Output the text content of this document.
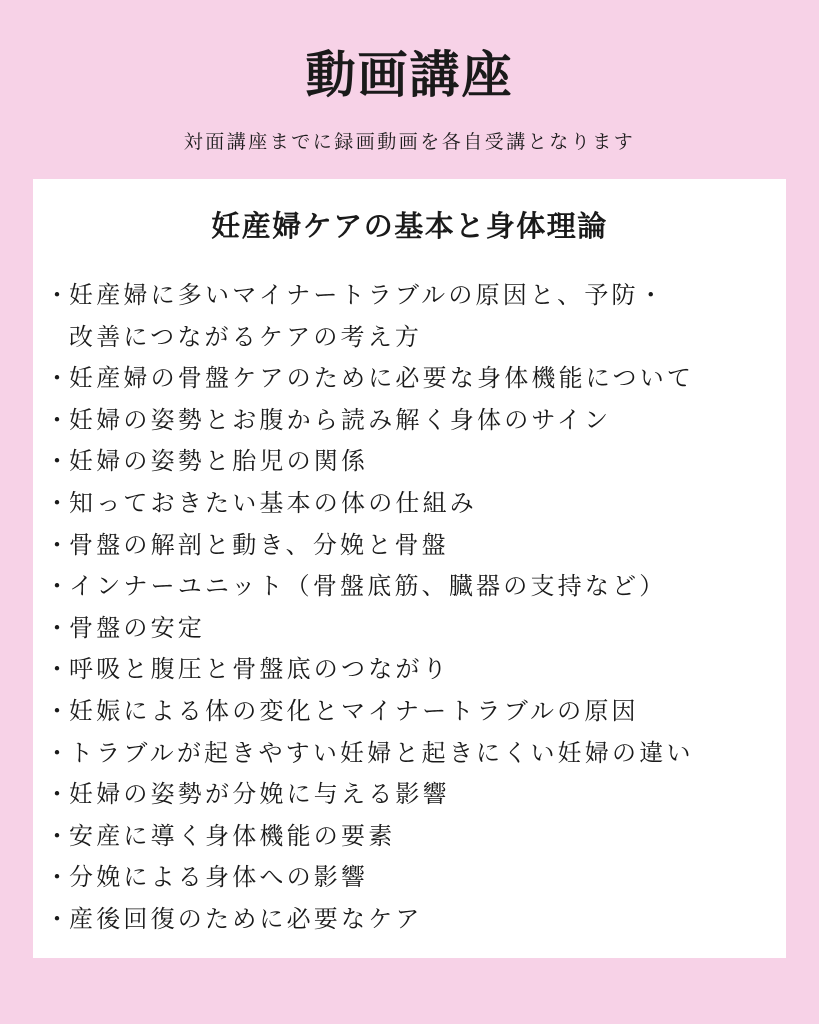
動画講座
対面講座までに録画動画を各自受講となります
妊産婦ケアの基本と身体理論
・
妊産婦に多いマイナートラブルの原因と、予防・
改善につながるケアの考え方
・
妊産婦の骨盤ケアのために必要な身体機能について
・
妊婦の姿勢とお腹から読み解く身体のサイン
・
妊婦の姿勢と胎児の関係
・
知っておきたい基本の体の仕組み
・
骨盤の解剖と動き、分娩と骨盤
・
インナーユニット（骨盤底筋、臓器の支持など）
・
骨盤の安定
・
呼吸と腹圧と骨盤底のつながり
・
妊娠による体の変化とマイナートラブルの原因
・
トラブルが起きやすい妊婦と起きにくい妊婦の違い
・
妊婦の姿勢が分娩に与える影響
・
安産に導く身体機能の要素
・
分娩による身体への影響
・
産後回復のために必要なケア
